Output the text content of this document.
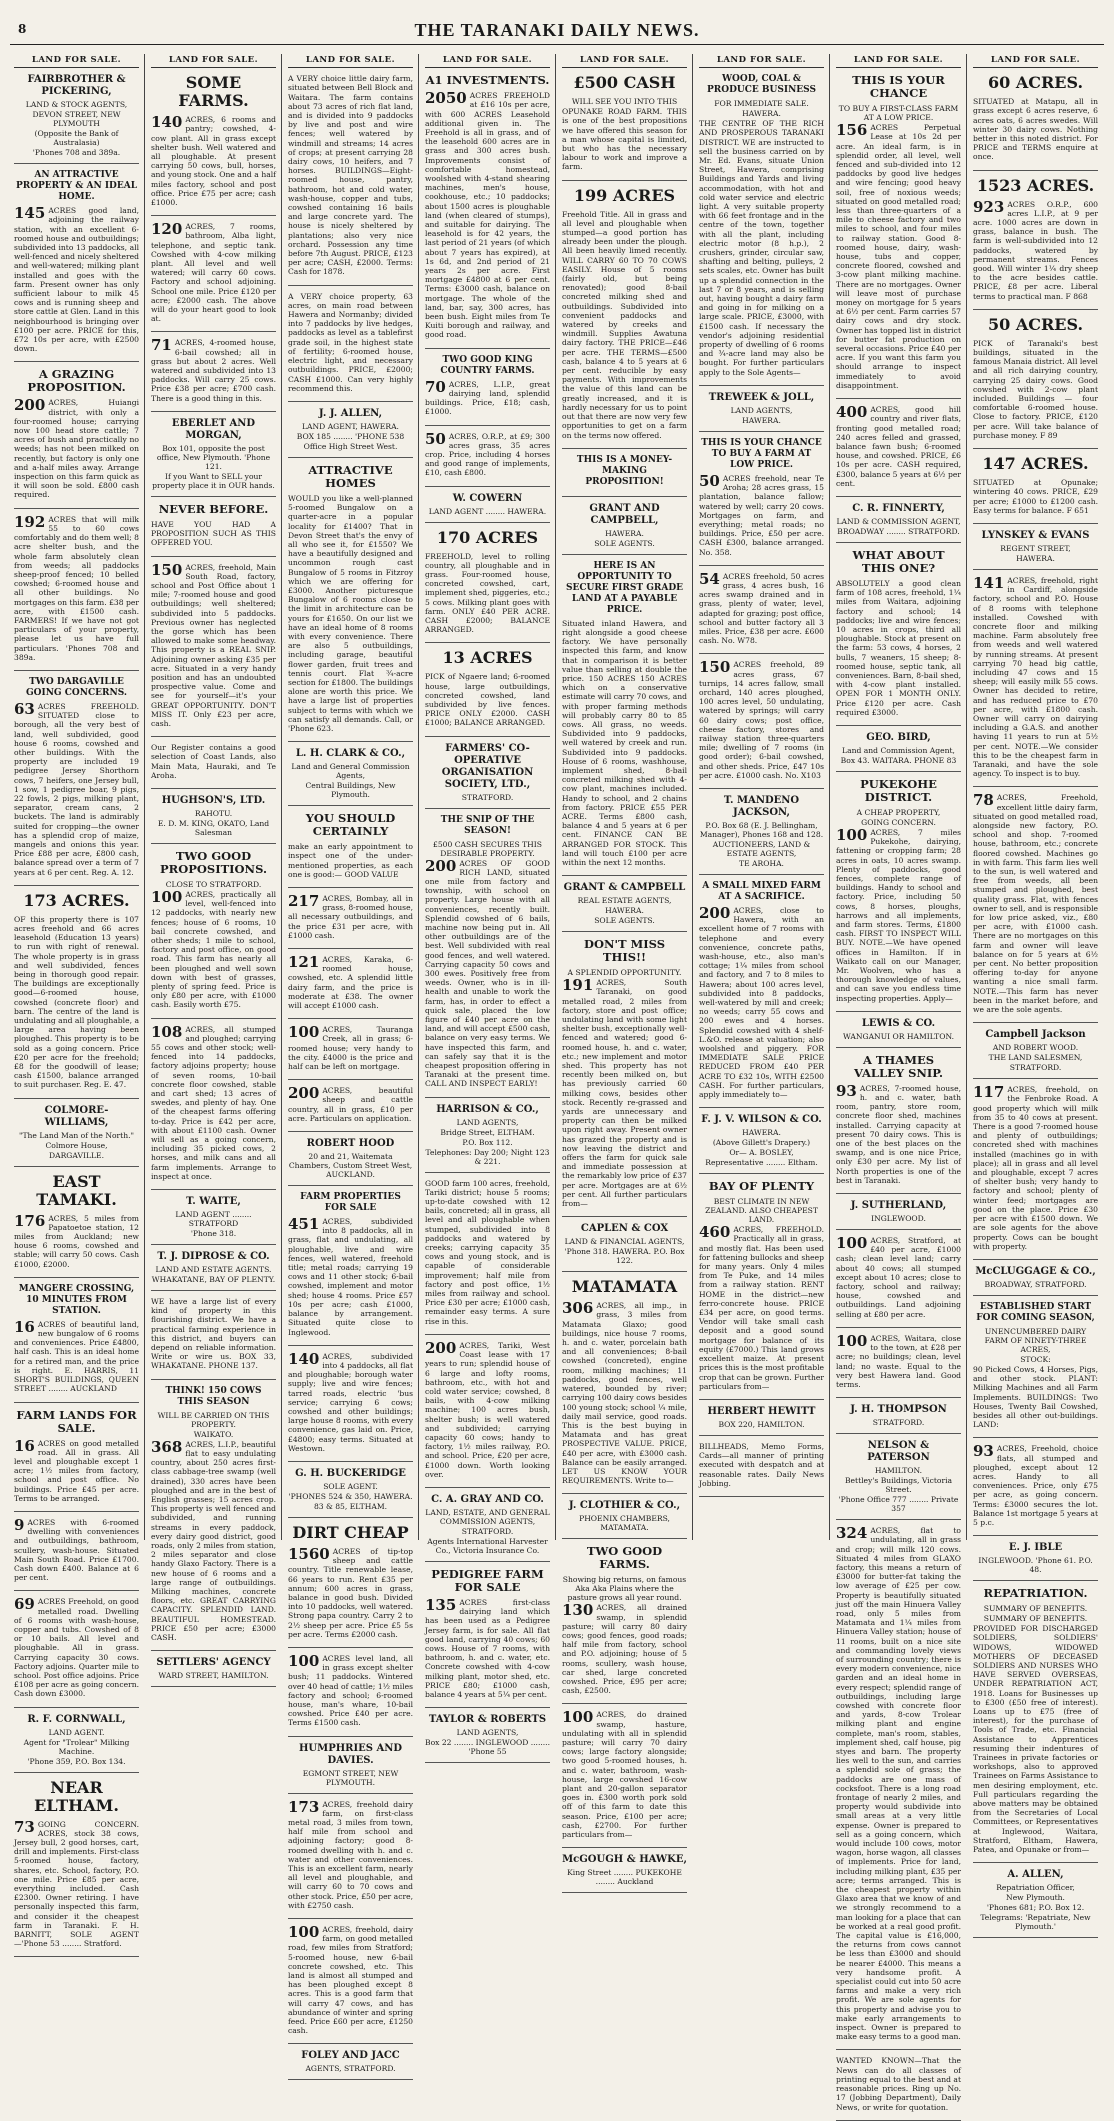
8	THE TARANAKI DAILY NEWS.
LAND FOR SALE.
FAIRBROTHER & PICKERING,
LAND & STOCK AGENTS,
DEVON STREET, NEW PLYMOUTH
(Opposite the Bank of Australasia)
'Phones 708 and 389a.
AN ATTRACTIVE PROPERTY & AN IDEAL HOME.

145 ACRES good land, adjoining the railway station, with an excellent 6-roomed house and outbuildings; subdivided into 13 paddocks, all well-fenced and nicely sheltered and well-watered; milking plant installed and goes with the farm. Present owner has only sufficient labour to milk 45 cows and is running sheep and store cattle at Glen. Land in this neighbourhood is bringing over £100 per acre. PRICE for this, £72 10s per acre, with £2500 down.

A GRAZING PROPOSITION.

200 ACRES, Huiangi district, with only a four-roomed house; carrying now 100 head store cattle; 7 acres of bush and practically no weeds; has not been milked on recently, but factory is only one and a-half miles away. Arrange inspection on this farm quick as it will soon be sold. £800 cash required.

192 ACRES that will milk 55 to 60 cows comfortably and do them well; 8 acre shelter bush, and the whole farm absolutely clean from weeds; all paddocks sheep-proof fenced; 10 belled cowshed; 6-roomed house and all other buildings. No mortgages on this farm. £38 per acre, with £1500 cash. FARMERS! If we have not got particulars of your property, please let us have full particulars. 'Phones 708 and 389a.

TWO DARGAVILLE GOING CONCERNS.

63 ACRES FREEHOLD. SITUATED close to borough, all the very best of land, well subdivided, good house 6 rooms, cowshed and other buildings. With the property are included 19 pedigree Jersey Shorthorn cows, 7 heifers, one Jersey bull, 1 sow, 1 pedigree boar, 9 pigs, 22 fowls, 2 pigs, milking plant, separator, cream cans, 2 buckets. The land is admirably suited for cropping—the owner has a splendid crop of maize, mangels and onions this year. Price £88 per acre, £800 cash, balance spread over a term of 7 years at 6 per cent. Reg. A. 12.

173 ACRES.

OF this property there is 107 acres freehold and 66 acres leasehold (Education 13 years) to run with right of renewal. The whole property is in grass and well subdivided, fences being in thorough good repair. The buildings are exceptionally good—6-roomed house, cowshed (concrete floor) and barn. The centre of the land is undulating and all ploughable, a large area having been ploughed. This property is to be sold as a going concern. Price £20 per acre for the freehold; £8 for the goodwill of lease; cash £1500, balance arranged to suit purchaser. Reg. E. 47.

COLMORE-WILLIAMS,
"The Land Man of the North."
Colmore House,
DARGAVILLE.
EAST TAMAKI.

176 ACRES, 5 miles from Papatoetoe station, 12 miles from Auckland; new house 6 rooms, cowshed and stable; will carry 50 cows. Cash £1000, £2000.

MANGERE CROSSING, 10 MINUTES FROM STATION.

16 ACRES of beautiful land, new bungalow of 6 rooms and conveniences. Price £4800, half cash. This is an ideal home for a retired man, and the price is right. E. HARRIS, 11 SHORT'S BUILDINGS, QUEEN STREET ........ AUCKLAND

FARM LANDS FOR SALE.

16 ACRES on good metalled road. All in grass. All level and ploughable except 1 acre; 1½ miles from factory, school and post office. No buildings. Price £45 per acre. Terms to be arranged.

9 ACRES with 6-roomed dwelling with conveniences and outbuildings, bathroom, scullery, wash-house. Situated Main South Road. Price £1700. Cash down £400. Balance at 6 per cent.

69 ACRES Freehold, on good metalled road. Dwelling of 6 rooms with wash-house, copper and tubs. Cowshed of 8 or 10 bails. All level and ploughable. All in grass. Carrying capacity 30 cows. Factory adjoins. Quarter mile to school. Post office adjoins. Price £108 per acre as going concern. Cash down £3000.

R. F. CORNWALL,
LAND AGENT.
Agent for "Trolear" Milking Machine.
'Phone 359, P.O. Box 134.
NEAR ELTHAM.

73 GOING CONCERN. ACRES, stock 38 cows, Jersey bull, 2 good horses, cart, drill and implements. First-class 5-roomed house, factory, shares, etc. School, factory, P.O. one mile. Price £85 per acre, everything included. Cash £2300. Owner retiring. I have personally inspected this farm, and consider it the cheapest farm in Taranaki. F. H. BARNITT, SOLE AGENT—'Phone 53 ........ Stratford.

LAND FOR SALE.
SOME FARMS.

140 ACRES, 6 rooms and pantry; cowshed, 4-cow plant. All in grass except shelter bush. Well watered and all ploughable. At present carrying 50 cows, bull, horses, and young stock. One and a half miles factory, school and post office. Price £75 per acre; cash £1000.

120 ACRES, 7 rooms, bathroom, Alba light, telephone, and septic tank. Cowshed with 4-cow milking plant. All level and well watered; will carry 60 cows. Factory and school adjoining. School one mile. Price £120 per acre; £2000 cash. The above will do your heart good to look at.

71 ACRES, 4-roomed house, 6-bail cowshed; all in grass but about 2 acres. Well watered and subdivided into 13 paddocks. Will carry 25 cows. Price £38 per acre; £700 cash. There is a good thing in this.

EBERLET AND MORGAN,
Box 101, opposite the post office, New Plymouth. 'Phone 121.
If you Want to SELL your property place it in OUR hands.
NEVER BEFORE.

HAVE YOU HAD A PROPOSITION SUCH AS THIS OFFERED YOU.

150 ACRES, freehold, Main South Road, factory, school and Post Office about 1 mile; 7-roomed house and good outbuildings; well sheltered; subdivided into 5 paddocks. Previous owner has neglected the gorse which has been allowed to make some headway. This property is a REAL SNIP. Adjoining owner asking £35 per acre. Situated in a very handy position and has an undoubted prospective value. Come and see for yourself—it's your GREAT OPPORTUNITY. DON'T MISS IT. Only £23 per acre, cash.

Our Register contains a good selection of Coast Lands, also Main Mata, Hauraki, and Te Aroha.

HUGHSON'S, LTD.
RAHOTU.
E. D. M. KING, OKATO, Land Salesman
TWO GOOD PROPOSITIONS.
CLOSE TO STRATFORD.

100 ACRES, practically all level, well-fenced into 12 paddocks, with nearly new fences; house of 6 rooms, 10 bail concrete cowshed, and other sheds; 1 mile to school, factory and post office, on good road. This farm has nearly all been ploughed and well sown down with best of grasses, plenty of spring feed. Price is only £80 per acre, with £1000 cash. Easily worth £75.

108 ACRES, all stumped and ploughed; carrying 55 cows and other stock; well-fenced into 14 paddocks, factory adjoins property; house of seven rooms, 10-bail concrete floor cowshed, stable and cart shed; 13 acres of swedes, and plenty of hay. One of the cheapest farms offering to-day. Price is £42 per acre, with about £1100 cash. Owner will sell as a going concern, including 35 picked cows, 2 horses, and milk cans and all farm implements. Arrange to inspect at once.

T. WAITE,
LAND AGENT ........ STRATFORD
'Phone 318.
T. J. DIPROSE & CO.
LAND AND ESTATE AGENTS.
WHAKATANE, BAY OF PLENTY.

WE have a large list of every kind of property in this flourishing district. We have a practical farming experience in this district, and buyers can depend on reliable information. Write or wire us. BOX 33, WHAKATANE. PHONE 137.

THINK! 150 COWS THIS SEASON
WILL BE CARRIED ON THIS PROPERTY.
WAIKATO.

368 ACRES, L.I.P., beautiful flat to easy undulating country, about 250 acres first-class cabbage-tree swamp (well drained), 330 acres have been ploughed and are in the best of English grasses; 15 acres crop. This property is well fenced and subdivided, and running streams in every paddock, every dairy good district, good roads, only 2 miles from station, 2 miles separator and close handy Glaxo Factory. There is a new house of 6 rooms and a large range of outbuildings. Milking machines, concrete floors, etc. GREAT CARRYING CAPACITY. SPLENDID LAND. BEAUTIFUL HOMESTEAD. PRICE £50 per acre; £3000 CASH.

SETTLERS' AGENCY
WARD STREET, HAMILTON.
LAND FOR SALE.

A VERY choice little dairy farm, situated between Bell Block and Waitara. The farm contains about 73 acres of rich flat land, and is divided into 9 paddocks by live and post and wire fences; well watered by windmill and streams; 14 acres of crops; at present carrying 28 dairy cows, 10 heifers, and 7 horses. BUILDINGS—Eight-roomed house, pantry, bathroom, hot and cold water, wash-house, copper and tubs, cowshed containing 16 bails and large concrete yard. The house is nicely sheltered by plantations; also very nice orchard. Possession any time before 7th August. PRICE, £123 per acre; CASH, £2000. Terms: Cash for 1878.

A VERY choice property, 63 acres, on main road between Hawera and Normanby; divided into 7 paddocks by live hedges, paddocks as level as a tablefirst grade soil, in the highest state of fertility; 6-roomed house, electric light, and necessary outbuildings. PRICE, £2000; CASH £1000. Can very highly recommend this.

J. J. ALLEN,
LAND AGENT, HAWERA.
BOX 185 ........ 'PHONE 538
Office High Street West.
ATTRACTIVE HOMES

WOULD you like a well-planned 5-roomed Bungalow on a quarter-acre in a popular locality for £1400? That in Devon Street that's the envy of all who see it, for £1550? We have a beautifully designed and uncommon rough cast Bungalow of 5 rooms in Fitzroy which we are offering for £3000. Another picturesque Bungalow of 6 rooms close to the limit in architecture can be yours for £1650. On our list we have an ideal home of 8 rooms with every convenience. There are also 5 outbuildings, including garage, beautiful flower garden, fruit trees and tennis court. Flat ¾-acre section for £1800. The buildings alone are worth this price. We have a large list of properties subject to terms with which we can satisfy all demands. Call, or 'Phone 623.

L. H. CLARK & CO.,
Land and General Commission Agents,
Central Buildings, New Plymouth.
YOU SHOULD CERTAINLY

make an early appointment to inspect one of the under-mentioned properties, as each one is good:— GOOD VALUE

217 ACRES, Bombay, all in grass, 8-roomed house, all necessary outbuildings, and the price £31 per acre, with £1000 cash.

121 ACRES, Karaka, 6-roomed house, cowshed, etc. A splendid little dairy farm, and the price is moderate at £38. The owner will accept £1000 cash.

100 ACRES, Tauranga Creek, all in grass; 6-roomed house; very handy to the city. £4000 is the price and half can be left on mortgage.

200 ACRES, beautiful sheep and cattle country, all in grass, £10 per acre. Particulars on application.

ROBERT HOOD
20 and 21, Waitemata Chambers, Custom Street West, AUCKLAND.
FARM PROPERTIES FOR SALE

451 ACRES, subdivided into 8 paddocks, all in grass, flat and undulating, all ploughable, live and wire fences, well watered, freehold title; metal roads; carrying 19 cows and 11 other stock; 6-bail cowshed, implement and motor shed; house 4 rooms. Price £57 10s per acre; cash £1000, balance by arrangement. Situated quite close to Inglewood.

140 ACRES, subdivided into 4 paddocks, all flat and ploughable; borough water supply; live and wire fences; tarred roads, electric 'bus service; carrying 6 cows; cowshed and other buildings; large house 8 rooms, with every convenience, gas laid on. Price, £4800; easy terms. Situated at Westown.

G. H. BUCKERIDGE
SOLE AGENT.
'PHONES 524 & 350, HAWERA.
83 & 85, ELTHAM.
DIRT CHEAP

1560 ACRES of tip-top sheep and cattle country. Title renewable lease, 66 years to run. Rent £35 per annum; 600 acres in grass, balance in good bush. Divided into 10 paddocks, well watered. Strong papa country. Carry 2 to 2½ sheep per acre. Price £5 5s per acre. Terms £2000 cash.

100 ACRES level land, all in grass except shelter bush; 11 paddocks. Wintered over 40 head of cattle; 1½ miles factory and school; 6-roomed house, man's whare, 10-bail cowshed. Price £40 per acre. Terms £1500 cash.

HUMPHRIES AND DAVIES.
EGMONT STREET, NEW PLYMOUTH.

173 ACRES, freehold dairy farm, on first-class metal road, 3 miles from town, half mile from school and adjoining factory; good 8-roomed dwelling with h. and c. water and other conveniences. This is an excellent farm, nearly all level and ploughable, and will carry 60 to 70 cows and other stock. Price, £50 per acre, with £2750 cash.

100 ACRES, freehold, dairy farm, on good metalled road, few miles from Stratford; 5-roomed house, new 6-bail concrete cowshed, etc. This land is almost all stumped and has been ploughed except 8 acres. This is a good farm that will carry 47 cows, and has abundance of winter and spring feed. Price £60 per acre, £1250 cash.

FOLEY AND JACC
AGENTS, STRATFORD.
LAND FOR SALE.
A1 INVESTMENTS.

2050 ACRES FREEHOLD at £16 10s per acre, with 600 ACRES Leasehold additional given in. The Freehold is all in grass, and of the leasehold 600 acres are in grass and 300 acres bush. Improvements consist of comfortable homestead, woolshed with 4-stand shearing machines, men's house, cookhouse, etc.; 10 paddocks; about 1500 acres is ploughable land (when cleared of stumps), and suitable for dairying. The leasehold is for 42 years, the last period of 21 years (of which about 7 years has expired), at 1s 6d, and 2nd period of 21 years 2s per acre. First mortgage £4800 at 6 per cent. Terms: £3000 cash, balance on mortgage. The whole of the land, bar, say, 300 acres, has been bush. Eight miles from Te Kuiti borough and railway, and good road.

TWO GOOD KING COUNTRY FARMS.

70 ACRES, L.I.P., great dairying land, splendid buildings. Price, £18; cash, £1000.

50 ACRES, O.R.P., at £9; 300 acres grass, 35 acres crop. Price, including 4 horses and good range of implements, £10, cash £800.

W. COWERN
LAND AGENT ........ HAWERA.
170 ACRES

FREEHOLD, level to rolling country, all ploughable and in grass. Four-roomed house, concreted cowshed, cart, implement shed, piggeries, etc.; 5 cows. Milking plant goes with farm. ONLY £40 PER ACRE. CASH £2000; BALANCE ARRANGED.

13 ACRES

PICK of Ngaere land; 6-roomed house, large outbuildings, concreted cowshed, land subdivided by live fences. PRICE ONLY £2000. CASH £1000; BALANCE ARRANGED.

FARMERS' CO-OPERATIVE ORGANISATION SOCIETY, LTD.,
STRATFORD.
THE SNIP OF THE SEASON!
£500 CASH SECURES THIS DESIRABLE PROPERTY.

200 ACRES OF GOOD RICH LAND, situated one mile from factory and township, with school on property. Large house with all conveniences, recently built. Splendid cowshed of 6 bails, machine now being put in. All other outbuildings are of the best. Well subdivided with real good fences, and well watered. Carrying capacity 50 cows and 300 ewes. Positively free from weeds. Owner, who is in ill-health and unable to work the farm, has, in order to effect a quick sale, placed the low figure of £40 per acre on the land, and will accept £500 cash, balance on very easy terms. We have inspected this farm, and can safely say that it is the cheapest proposition offering in Taranaki at the present time. CALL AND INSPECT EARLY!

HARRISON & CO.,
LAND AGENTS,
Bridge Street, ELTHAM.
P.O. Box 112.
Telephones: Day 200; Night 123 & 221.

GOOD farm 100 acres, freehold, Tariki district; house 5 rooms; up-to-date cowshed with 12 bails, concreted; all in grass, all level and all ploughable when stumped, subdivided into 8 paddocks and watered by creeks; carrying capacity 35 cows and young stock, and is capable of considerable improvement; half mile from factory and post office, 1½ miles from railway and school. Price £30 per acre; £1000 cash, remainder easy terms. A sure rise in this.

200 ACRES, Tariki, West Coast lease with 17 years to run; splendid house of 6 large and lofty rooms, bathroom, etc., with hot and cold water service; cowshed, 8 bails, with 4-cow milking machine; 100 acres bush, shelter bush; is well watered and subdivided; carrying capacity 60 cows; handy to factory, 1½ miles railway, P.O. and school. Price, £20 per acre, £1000 down. Worth looking over.

C. A. GRAY AND CO.
LAND, ESTATE, AND GENERAL COMMISSION AGENTS,
STRATFORD.
Agents International Harvester Co., Victoria Insurance Co.
PEDIGREE FARM FOR SALE

135 ACRES first-class dairying land which has been used as a Pedigree Jersey farm, is for sale. All flat good land, carrying 40 cows; 60 cows. House of 7 rooms, with bathroom, h. and c. water, etc. Concrete cowshed with 4-cow milking plant, motor shed, etc. PRICE £80; £1000 cash, balance 4 years at 5¼ per cent.

TAYLOR & ROBERTS
LAND AGENTS,
Box 22 ........ INGLEWOOD ........ 'Phone 55
LAND FOR SALE.
£500 CASH
WILL SEE YOU INTO THIS

OPUNAKE ROAD FARM. THIS is one of the best propositions we have offered this season for a man whose capital is limited, but who has the necessary labour to work and improve a farm.

199 ACRES

Freehold Title. All in grass and all level and ploughable when stumped—a good portion has already been under the plough. All been heavily limed recently. WILL CARRY 60 TO 70 COWS EASILY. House of 5 rooms (fairly old, but being renovated); good 8-bail concreted milking shed and outbuildings. Subdivided into convenient paddocks and watered by creeks and windmill. Supplies Awatuna dairy factory. THE PRICE—£46 per acre. THE TERMS—£500 cash, balance 4 to 5 years at 6 per cent. reducible by easy payments. With improvements the value of this land can be greatly increased, and it is hardly necessary for us to point out that there are now very few opportunities to get on a farm on the terms now offered.

THIS IS A MONEY-MAKING PROPOSITION!
GRANT AND CAMPBELL,
HAWERA.
SOLE AGENTS.
HERE IS AN OPPORTUNITY TO SECURE FIRST GRADE LAND AT A PAYABLE PRICE.

Situated inland Hawera, and right alongside a good cheese factory. We have personally inspected this farm, and know that in comparison it is better value than selling at double the price. 150 ACRES 150 ACRES which on a conservative estimate will carry 70 cows, and with proper farming methods will probably carry 80 to 85 cows. All grass, no weeds. Subdivided into 9 paddocks, well watered by creek and run. Subdivided into 9 paddocks. House of 6 rooms, washhouse, implement shed, 8-bail concreted milking shed with 4-cow plant, machines included. Handy to school, and 2 chains from factory. PRICE £55 PER ACRE. Terms £800 cash, balance 4 and 5 years at 6 per cent. FINANCE CAN BE ARRANGED FOR STOCK. This land will touch £100 per acre within the next 12 months.

GRANT & CAMPBELL
REAL ESTATE AGENTS,
HAWERA.
SOLE AGENTS.
DON'T MISS THIS!!
A SPLENDID OPPORTUNITY.

191 ACRES, South Taranaki, on good metalled road, 2 miles from factory, store and post office; undulating land with some light shelter bush, exceptionally well-fenced and watered; good 6-roomed house, h. and c. water, etc.; new implement and motor shed. This property has not recently been milked on, but has previously carried 60 milking cows, besides other stock. Recently re-grassed and yards are unnecessary and property can then be milked upon right away. Present owner has grazed the property and is now leaving the district and offers the farm for quick sale and immediate possession at the remarkably low price of £37 per acre. Mortgages are at 6½ per cent. All further particulars from—

CAPLEN & COX
LAND & FINANCIAL AGENTS,
'Phone 318. HAWERA. P.O. Box 122.
MATAMATA

306 ACRES, all imp., in grass, 3 miles from Matamata Glaxo; good buildings, nice house 7 rooms, h. and c. water, porcelain bath and all conveniences; 8-bail cowshed (concreted), engine room, milking machines; 11 paddocks, good fences, well watered, bounded by river; carrying 100 dairy cows besides 100 young stock; school ¼ mile, daily mail service, good roads. This is the best buying in Matamata and has great PROSPECTIVE VALUE. PRICE, £40 per acre, with £3000 cash. Balance can be easily arranged. LET US KNOW YOUR REQUIREMENTS. Write to—

J. CLOTHIER & CO.,
PHOENIX CHAMBERS, MATAMATA.
TWO GOOD FARMS.
Showing big returns, on famous Aka Aka Plains where the pasture grows all year round.

130 ACRES, all drained swamp, in splendid pasture; will carry 80 dairy cows; good fences, good roads; half mile from factory, school and P.O. adjoining; house of 5 rooms, scullery, wash house, car shed, large concreted cowshed. Price, £95 per acre; cash, £2500.

100 ACRES, do drained swamp, hasture, undulating with all in splendid pasture; will carry 70 dairy cows; large factory alongside; two good 5-roomed houses, h. and c. water, bathroom, wash-house, large cowshed 16-cow plant and 20-gallon separator goes in. £300 worth pork sold off of this farm to date this season. Price, £100 per acre; cash, £2700. For further particulars from—

McGOUGH & HAWKE,
King Street ........ PUKEKOHE ........ Auckland
LAND FOR SALE.
WOOD, COAL & PRODUCE BUSINESS
FOR IMMEDIATE SALE.
HAWERA.

THE CENTRE OF THE RICH AND PROSPEROUS TARANAKI DISTRICT. WE are instructed to sell the business carried on by Mr. Ed. Evans, situate Union Street, Hawera, comprising Buildings and Yards and living accommodation, with hot and cold water service and electric light. A very suitable property with 66 feet frontage and in the centre of the town, together with all the plant, including electric motor (8 h.p.), 2 crushers, grinder, circular saw, shafting and belting, pulleys, 2 sets scales, etc. Owner has built up a splendid connection in the last 7 or 8 years, and is selling out, having bought a dairy farm and going in for milking on a large scale. PRICE, £3000, with £1500 cash. If necessary the vendor's adjoining residential property of dwelling of 6 rooms and ¾-acre land may also be bought. For further particulars apply to the Sole Agents—

TREWEEK & JOLL,
LAND AGENTS,
HAWERA.
THIS IS YOUR CHANCE TO BUY A FARM AT LOW PRICE.

50 ACRES freehold, near Te Aroha; 28 acres grass, 15 plantation, balance fallow; watered by well; carry 20 cows. Mortgages on farm, and everything; metal roads; no buildings. Price, £50 per acre. CASH £300, balance arranged. No. 358.

54 ACRES freehold, 50 acres grass, 4 acres bush, 16 acres swamp drained and in grass, plenty of water, level, adapted for grazing; post office, school and butter factory all 3 miles. Price, £38 per acre. £600 cash. No. W78.

150 ACRES freehold, 89 acres grass, 67 turnips, 14 acres fallow, small orchard, 140 acres ploughed, 100 acres level, 50 undulating, watered by springs; will carry 60 dairy cows; post office, cheese factory, stores and railway station three-quarters mile; dwelling of 7 rooms (in good order); 6-bail cowshed, and other sheds. Price, £47 10s per acre. £1000 cash. No. X103

T. MANDENO JACKSON,
P.O. Box 68 (E. J. Bellingham, Manager), Phones 168 and 128.
AUCTIONEERS, LAND & ESTATE AGENTS,
TE AROHA.
A SMALL MIXED FARM AT A SACRIFICE.

200 ACRES, close to Hawera, with an excellent home of 7 rooms with telephone and every convenience, concrete paths, wash-house, etc., also man's cottage; 1¼ miles from school and factory, and 7 to 8 miles to Hawera; about 100 acres level, subdivided into 8 paddocks, well-watered by mill and creek; no weeds; carry 55 cows and 200 ewes and 4 horses. Splendid cowshed with 4 shelf-L.&O. release at valuation; also woolshed and piggery. FOR IMMEDIATE SALE PRICE REDUCED FROM £40 PER ACRE TO £32 10s, WITH £2500 CASH. For further particulars, apply immediately to—

F. J. V. WILSON & CO.
HAWERA.
(Above Gillett's Drapery.)
Or— A. BOSLEY,
Representative ........ Eltham.
BAY OF PLENTY
BEST CLIMATE IN NEW ZEALAND. ALSO CHEAPEST LAND.

460 ACRES, FREEHOLD. Practically all in grass, and mostly flat. Has been used for fattening bullocks and sheep for many years. Only 4 miles from Te Puke, and 14 miles from a railway station. RENT HOME in the district—new ferro-concrete house. PRICE £34 per acre, on good terms. Vendor will take small cash deposit and a good sound mortgage for balance of its equity (£7000.) This land grows excellent maize. At present prices this is the most profitable crop that can be grown. Further particulars from—

HERBERT HEWITT
BOX 220, HAMILTON.

BILLHEADS, Memo Forms, Cards—all manner of printing executed with despatch and at reasonable rates. Daily News Jobbing.

LAND FOR SALE.
THIS IS YOUR CHANCE
TO BUY A FIRST-CLASS FARM AT A LOW PRICE.

156 ACRES Perpetual Lease at 10s 2d per acre. An ideal farm, is in splendid order, all level, well fenced and sub-divided into 12 paddocks by good live hedges and wire fencing; good heavy soil, free of noxious weeds; situated on good metalled road; less than three-quarters of a mile to cheese factory and two miles to school, and four miles to railway station. Good 8-roomed house, dairy, wash-house, tubs and copper, concrete floored, cowshed and 3-cow plant milking machine. There are no mortgages. Owner will leave most of purchase money on mortgage for 5 years at 6½ per cent. Farm carries 57 dairy cows and dry stock. Owner has topped list in district for butter fat production on several occasions. Price £40 per acre. If you want this farm you should arrange to inspect immediately to avoid disappointment.

400 ACRES, good hill country and river flats, fronting good metalled road; 240 acres felled and grassed, balance fawn bush; 6-roomed house, and cowshed. PRICE, £6 10s per acre. CASH required, £300, balance 5 years at 6½ per cent.

C. R. FINNERTY,
LAND & COMMISSION AGENT,
BROADWAY ........ STRATFORD.
WHAT ABOUT THIS ONE?

ABSOLUTELY a good clean farm of 108 acres, freehold, 1¼ miles from Waitara, adjoining factory and school; 14 paddocks; live and wire fences; 10 acres in crops, third all ploughable. Stock at present on the farm: 53 cows, 4 horses, 2 bulls, 7 weaners, 15 sheep; 8-roomed house, septic tank, all conveniences. Barn, 8-bail shed, with 4-cow plant installed. OPEN FOR 1 MONTH ONLY. Price £120 per acre. Cash required £3000.

GEO. BIRD,
Land and Commission Agent,
Box 43. WAITARA. PHONE 83
PUKEKOHE DISTRICT.
A CHEAP PROPERTY,
GOING CONCERN.

100 ACRES, 7 miles Pukekohe, dairying, fattening or cropping farm; 28 acres in oats, 10 acres swamp. Plenty of paddocks, good fences, complete range of buildings. Handy to school and factory. Price, including 50 cows, 8 horses, ploughs, harrows and all implements, and farm stores. Terms, £1800 cash. FIRST TO INSPECT WILL BUY. NOTE.—We have opened offices in Hamilton. If in Waikato call on our Manager, Mr. Woolven, who has a thorough knowledge of values, and can save you endless time inspecting properties. Apply—

LEWIS & CO.
WANGANUI OR HAMILTON.
A THAMES VALLEY SNIP.

93 ACRES, 7-roomed house, h. and c. water, bath room, pantry, store room, concrete floor shed, machines installed. Carrying capacity at present 70 dairy cows. This is one of the best places on the swamp, and is one nice Price, only £30 per acre. My list of North properties is one of the best in Taranaki.

J. SUTHERLAND,
INGLEWOOD.

100 ACRES, Stratford, at £40 per acre, £1000 cash; clean level land; carry about 40 cows; all stumped except about 10 acres; close to factory, school and railway; house, cowshed and outbuildings. Land adjoining selling at £80 per acre.

100 ACRES, Waitara, close to the town, at £28 per acre; no buildings; clean, level land; no waste. Equal to the very best Hawera land. Good terms.

J. H. THOMPSON
STRATFORD.
NELSON & PATERSON
HAMILTON.
Bettley's Buildings, Victoria Street.
'Phone Office 777 ........ Private 357

324 ACRES, flat to undulating, all in grass and crop; will milk 120 cows. Situated 4 miles from GLAXO factory, this means a return of £3000 for butter-fat taking the low average of £25 per cow. Property is beautifully situated just off the main Hinuera Valley road, only 5 miles from Matamata and 1¼ miles from Hinuera Valley station; house of 11 rooms, built on a nice site and commanding lovely views of surrounding country; there is every modern convenience, nice garden and an ideal home in every respect; splendid range of outbuildings, including large cowshed with concrete floor and yards, 8-cow Trolear milking plant and engine complete, man's room, stables, implement shed, calf house, pig styes and barn. The property lies well to the sun, and carries a splendid sole of grass; the paddocks are one mass of cocksfoot. There is a long road frontage of nearly 2 miles, and property would subdivide into small areas at a very little expense. Owner is prepared to sell as a going concern, which would include 100 cows, motor wagon, horse wagon, all classes of implements. Price for land, including milking plant, £35 per acre; terms arranged. This is the cheapest property within Glaxo area that we know of and we strongly recommend to a man looking for a place that can be worked at a real good profit. The capital value is £16,000, the returns from cows cannot be less than £3000 and should be nearer £4000. This means a very handsome profit. A specialist could cut into 50 acre farms and make a very rich profit. We are sole agents for this property and advise you to make early arrangements to inspect. Owner is prepared to make easy terms to a good man.

WANTED KNOWN—That the News can do all classes of printing equal to the best and at reasonable prices. Ring up No. 17 (Jobbing Department), Daily News, or write for quotation.

LAND FOR SALE.
60 ACRES.

SITUATED at Matapu, all in grass except 6 acres reserve, 6 acres oats, 6 acres swedes. Will winter 30 dairy cows. Nothing better in this noted district. For PRICE and TERMS enquire at once.

1523 ACRES.

923 ACRES O.R.P., 600 acres L.I.P., at 9 per acre. 1000 acres are down in grass, balance in bush. The farm is well-subdivided into 12 paddocks, watered by permanent streams. Fences good. Will winter 1¼ dry sheep to the acre besides cattle. PRICE, £8 per acre. Liberal terms to practical man. F 868

50 ACRES.

PICK of Taranaki's best buildings, situated in the famous Manaia district. All level and all rich dairying country, carrying 25 dairy cows. Good cowshed with 2-cow plant included. Buildings — four comfortable 6-roomed house. Close to factory. PRICE, £120 per acre. Will take balance of purchase money. F 89

147 ACRES.

SITUATED at Opunake; wintering 40 cows. PRICE, £29 per acre; £1000 to £1200 cash. Easy terms for balance. F 651

LYNSKEY & EVANS
REGENT STREET,
HAWERA.

141 ACRES, freehold, right in Cardiff, alongside factory, school and P.O. House of 8 rooms with telephone installed. Cowshed with concrete floor and milking machine. Farm absolutely free from weeds and well watered by running streams. At present carrying 70 head big cattle, including 47 cows and 15 sheep; will easily milk 55 cows. Owner has decided to retire, and has reduced price to £70 per acre, with £1800 cash. Owner will carry on dairying including a G.A.S. and another having 11 years to run at 5½ per cent. NOTE.—We consider this to be the cheapest farm in Taranaki, and have the sole agency. To inspect is to buy.

78 ACRES, Freehold, excellent little dairy farm, situated on good metalled road, alongside new factory, P.O. school and shop. 7-roomed house, bathroom, etc.; concrete floored cowshed. Machines go in with farm. This farm lies well to the sun, is well watered and free from weeds, all been stumped and ploughed, best quality grass. Flat, with fences owner to sell, and is responsible for low price asked, viz., £80 per acre, with £1000 cash. There are no mortgages on this farm and owner will leave balance on for 5 years at 6½ per cent. No better proposition offering to-day for anyone wanting a nice small farm. NOTE.—This farm has never been in the market before, and we are the sole agents.

Campbell Jackson
AND ROBERT WOOD.
THE LAND SALESMEN,
STRATFORD.

117 ACRES, freehold, on the Fenbroke Road. A good property which will milk from 35 to 40 cows at present. There is a good 7-roomed house and plenty of outbuildings; concreted shed with machines installed (machines go in with place); all in grass and all level and ploughable, except 7 acres of shelter bush; very handy to factory and school; plenty of winter feed; mortgages are good on the place. Price £30 per acre with £1500 down. We are sole agents for the above property. Cows can be bought with property.

McCLUGGAGE & CO.,
BROADWAY, STRATFORD.
ESTABLISHED START FOR COMING SEASON,
UNENCUMBERED DAIRY FARM OF NINETY-THREE ACRES,
STOCK:

90 Picked Cows, 4 Horses, Pigs, and other stock. PLANT: Milking Machines and all Farm Implements. BUILDINGS: Two Houses, Twenty Bail Cowshed, besides all other out-buildings. LAND:

93 ACRES, Freehold, choice flats, all stumped and ploughed, except about 12 acres. Handy to all conveniences. Price, only £75 per acre, as going concern. Terms: £3000 secures the lot. Balance 1st mortgage 5 years at 5 p.c.

E. J. IBLE
INGLEWOOD. 'Phone 61. P.O. 48.
REPATRIATION.
SUMMARY OF BENEFITS.
SUMMARY OF BENEFITS.

PROVIDED FOR DISCHARGED SOLDIERS, SOLDIERS' WIDOWS, WIDOWED MOTHERS OF DECEASED SOLDIERS AND NURSES WHO HAVE SERVED OVERSEAS, UNDER REPATRIATION ACT, 1918. Loans for Businesses up to £300 (£50 free of interest). Loans up to £75 (free of interest), for the purchase of Tools of Trade, etc. Financial Assistance to Apprentices resuming their indentures of Trainees in private factories or workshops, also to approved Trainees on Farms Assistance to men desiring employment, etc. Full particulars regarding the above matters may be obtained from the Secretaries of Local Committees, or Representatives at Inglewood, Waitara, Stratford, Eltham, Hawera, Patea, and Opunake or from—

A. ALLEN,
Repatriation Officer,
New Plymouth.
'Phones 681; P.O. Box 12.
Telegrams: 'Repatriate, New Plymouth.'
